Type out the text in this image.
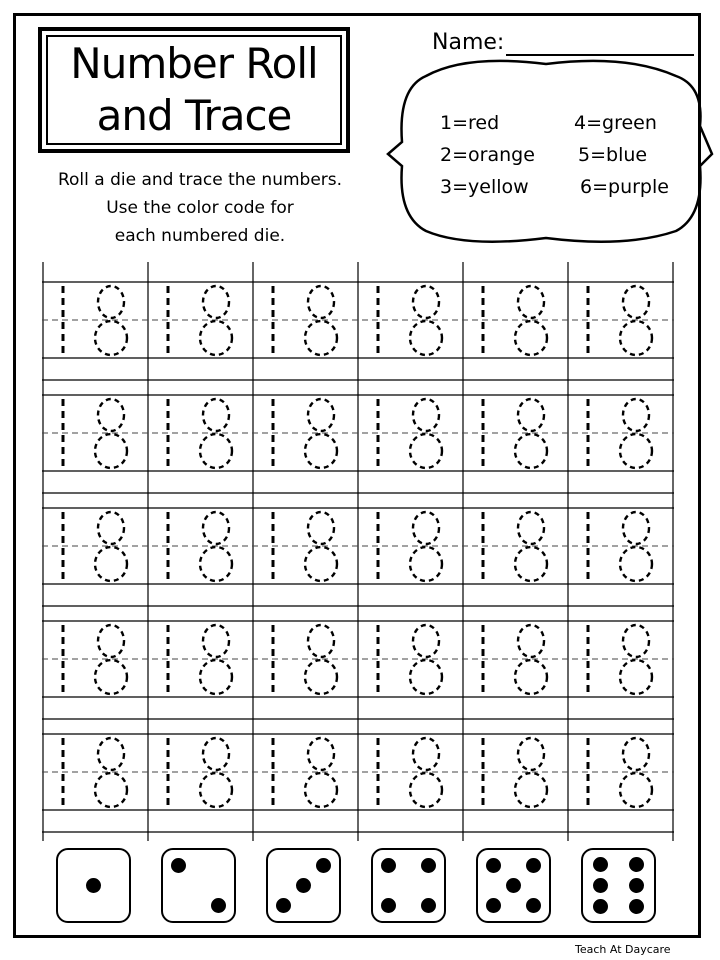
Number Roll
and Trace
Name:
Roll a die and trace the numbers.
Use the color code for
each numbered die.
1=red
2=orange
3=yellow
4=green
5=blue
6=purple
Teach At Daycare
